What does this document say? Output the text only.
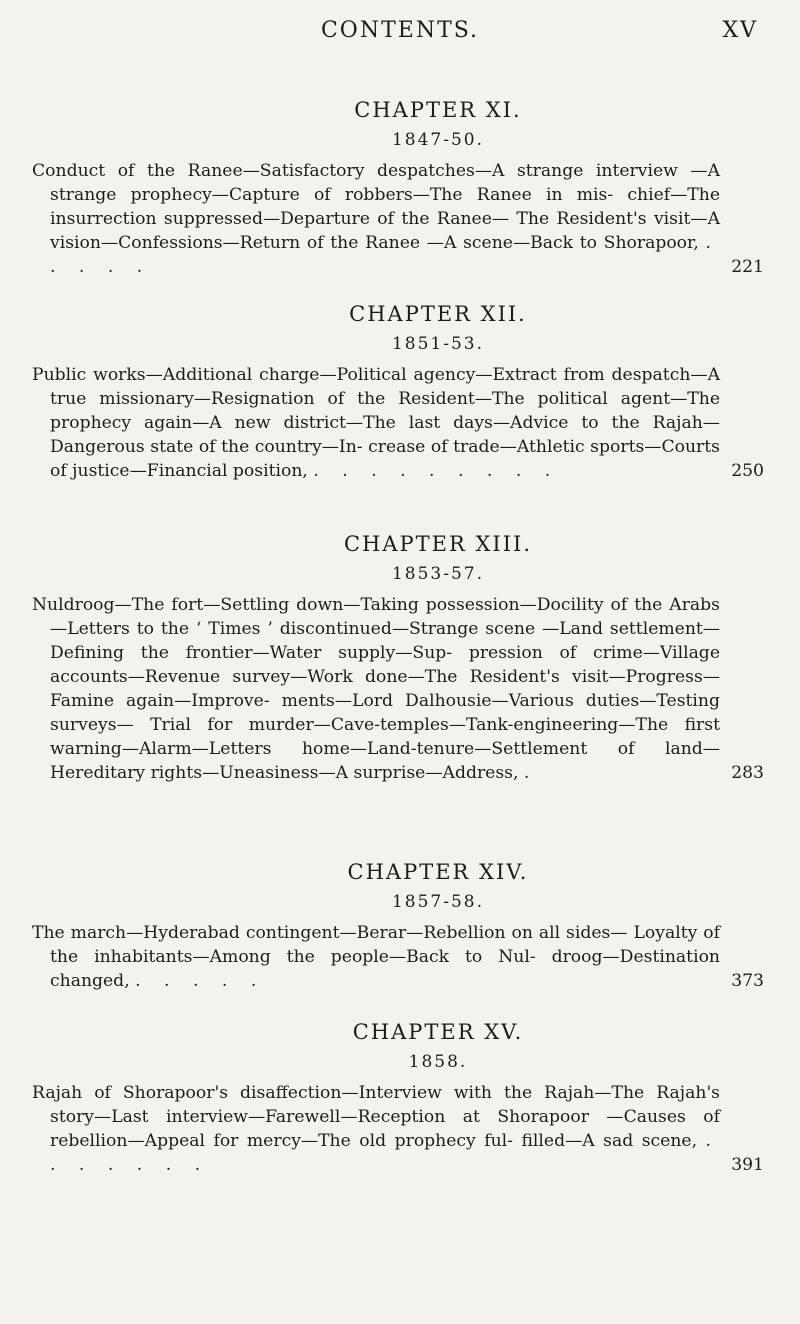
CONTENTS.	XV
CHAPTER XI.
1847-50.
Conduct of the Ranee—Satisfactory despatches—A strange interview —A strange prophecy—Capture of robbers—The Ranee in mis- chief—The insurrection suppressed—Departure of the Ranee— The Resident's visit—A vision—Confessions—Return of the Ranee —A scene—Back to Shorapoor, . . . . .	221
CHAPTER XII.
1851-53.
Public works—Additional charge—Political agency—Extract from despatch—A true missionary—Resignation of the Resident—The political agent—The prophecy again—A new district—The last days—Advice to the Rajah—Dangerous state of the country—In- crease of trade—Athletic sports—Courts of justice—Financial position, . . . . . . . . .	250
CHAPTER XIII.
1853-57.
Nuldroog—The fort—Settling down—Taking possession—Docility of the Arabs—Letters to the ‘ Times ’ discontinued—Strange scene —Land settlement—Defining the frontier—Water supply—Sup- pression of crime—Village accounts—Revenue survey—Work done—The Resident's visit—Progress—Famine again—Improve- ments—Lord Dalhousie—Various duties—Testing surveys— Trial for murder—Cave-temples—Tank-engineering—The first warning—Alarm—Letters home—Land-tenure—Settlement of land—Hereditary rights—Uneasiness—A surprise—Address, .	283
CHAPTER XIV.
1857-58.
The march—Hyderabad contingent—Berar—Rebellion on all sides— Loyalty of the inhabitants—Among the people—Back to Nul- droog—Destination changed, . . . . .	373
CHAPTER XV.
1858.
Rajah of Shorapoor's disaffection—Interview with the Rajah—The Rajah's story—Last interview—Farewell—Reception at Shorapoor —Causes of rebellion—Appeal for mercy—The old prophecy ful- filled—A sad scene, . . . . . . .	391
